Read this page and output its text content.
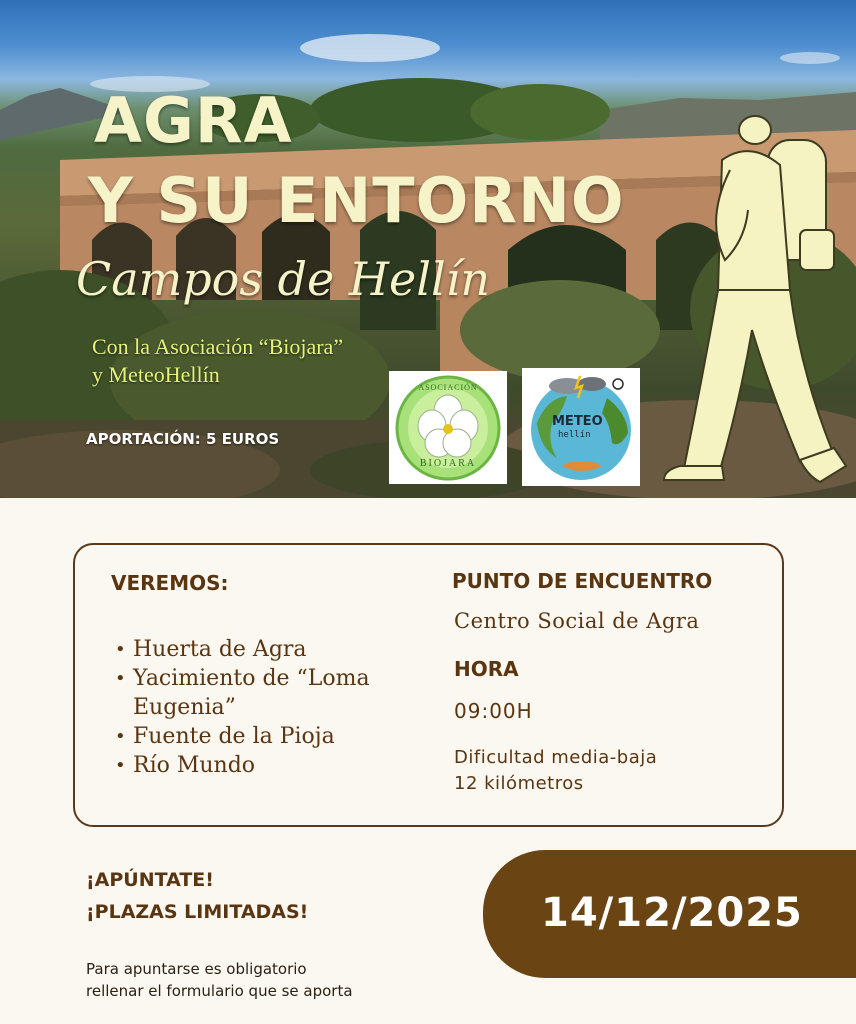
AGRA
Y SU ENTORNO
Campos de Hellín
Con la Asociación “Biojara”
y MeteoHellín
APORTACIÓN: 5 EUROS
ASOCIACIÓN
BIOJARA
METEO
hellín
VEREMOS:
• Huerta de Agra
• Yacimiento de “Loma
Eugenia”
• Fuente de la Pioja
• Río Mundo
PUNTO DE ENCUENTRO
Centro Social de Agra
HORA
09:00H
Dificultad media-baja
12 kilómetros
¡APÚNTATE!
¡PLAZAS LIMITADAS!
Para apuntarse es obligatorio
rellenar el formulario que se aporta
14/12/2025
